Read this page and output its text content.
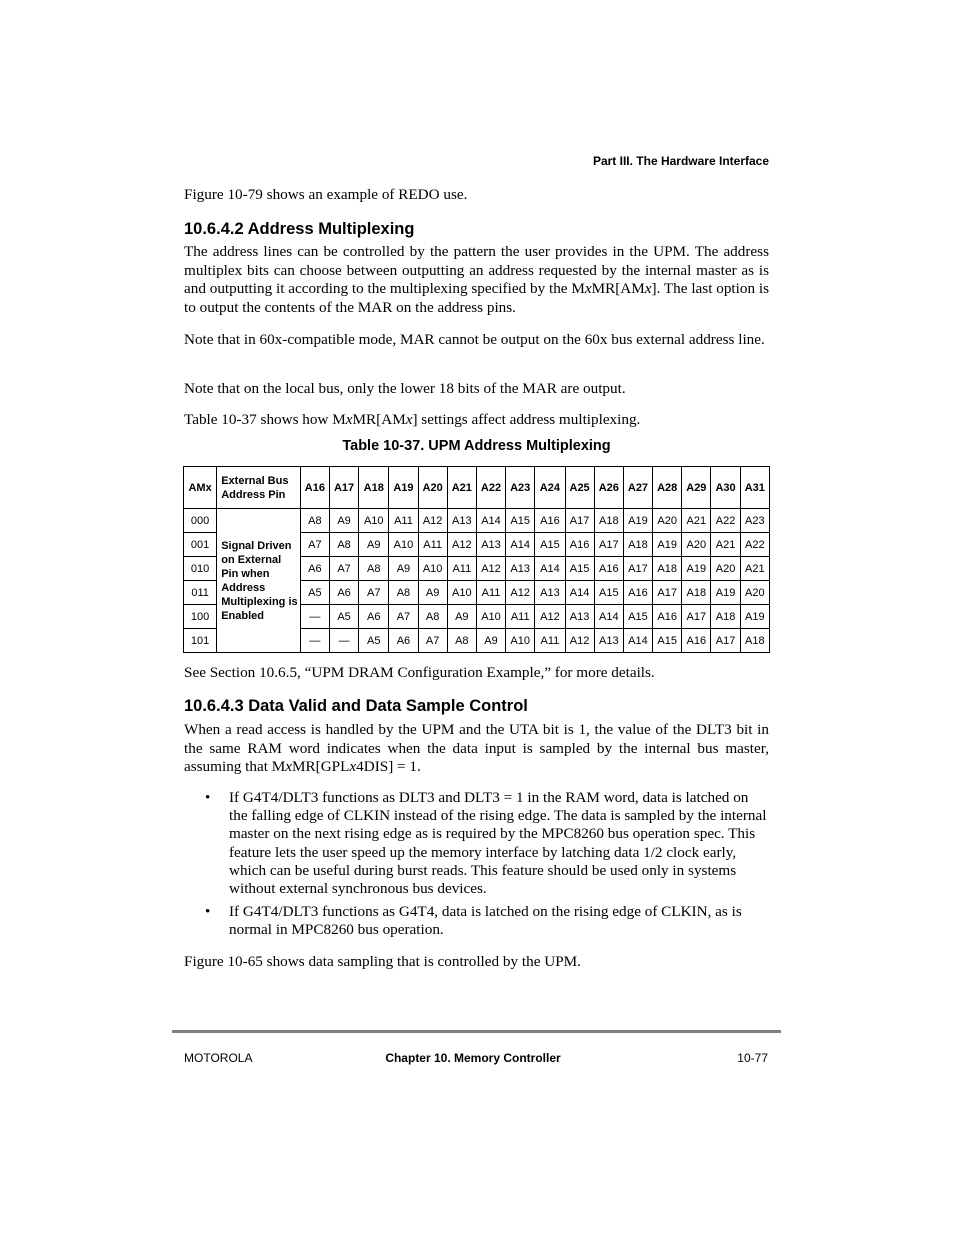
Part III. The Hardware Interface

Figure 10-79 shows an example of REDO use.

10.6.4.2 Address Multiplexing

The address lines can be controlled by the pattern the user provides in the UPM. The address multiplex bits can choose between outputting an address requested by the internal master as is and outputting it according to the multiplexing specified by the MxMR[AMx]. The last option is to output the contents of the MAR on the address pins.

Note that in 60x-compatible mode, MAR cannot be output on the 60x bus external address line.

Note that on the local bus, only the lower 18 bits of the MAR are output.

Table 10-37 shows how MxMR[AMx] settings affect address multiplexing.

Table 10-37. UPM Address Multiplexing
AMx	External Bus Address Pin	A16	A17	A18	A19	A20	A21	A22	A23	A24	A25	A26	A27	A28	A29	A30	A31
000	Signal Driven on External Pin when Address Multiplexing is Enabled	A8	A9	A10	A11	A12	A13	A14	A15	A16	A17	A18	A19	A20	A21	A22	A23
001		A7	A8	A9	A10	A11	A12	A13	A14	A15	A16	A17	A18	A19	A20	A21	A22
010		A6	A7	A8	A9	A10	A11	A12	A13	A14	A15	A16	A17	A18	A19	A20	A21
011		A5	A6	A7	A8	A9	A10	A11	A12	A13	A14	A15	A16	A17	A18	A19	A20
100		—	A5	A6	A7	A8	A9	A10	A11	A12	A13	A14	A15	A16	A17	A18	A19
101		—	—	A5	A6	A7	A8	A9	A10	A11	A12	A13	A14	A15	A16	A17	A18

See Section 10.6.5, “UPM DRAM Configuration Example,” for more details.

10.6.4.3 Data Valid and Data Sample Control

When a read access is handled by the UPM and the UTA bit is 1, the value of the DLT3 bit in the same RAM word indicates when the data input is sampled by the internal bus master, assuming that MxMR[GPLx4DIS] = 1.

• If G4T4/DLT3 functions as DLT3 and DLT3 = 1 in the RAM word, data is latched on the falling edge of CLKIN instead of the rising edge. The data is sampled by the internal master on the next rising edge as is required by the MPC8260 bus operation spec. This feature lets the user speed up the memory interface by latching data 1/2 clock early, which can be useful during burst reads. This feature should be used only in systems without external synchronous bus devices.
• If G4T4/DLT3 functions as G4T4, data is latched on the rising edge of CLKIN, as is normal in MPC8260 bus operation.

Figure 10-65 shows data sampling that is controlled by the UPM.

MOTOROLA	Chapter 10. Memory Controller	10-77
